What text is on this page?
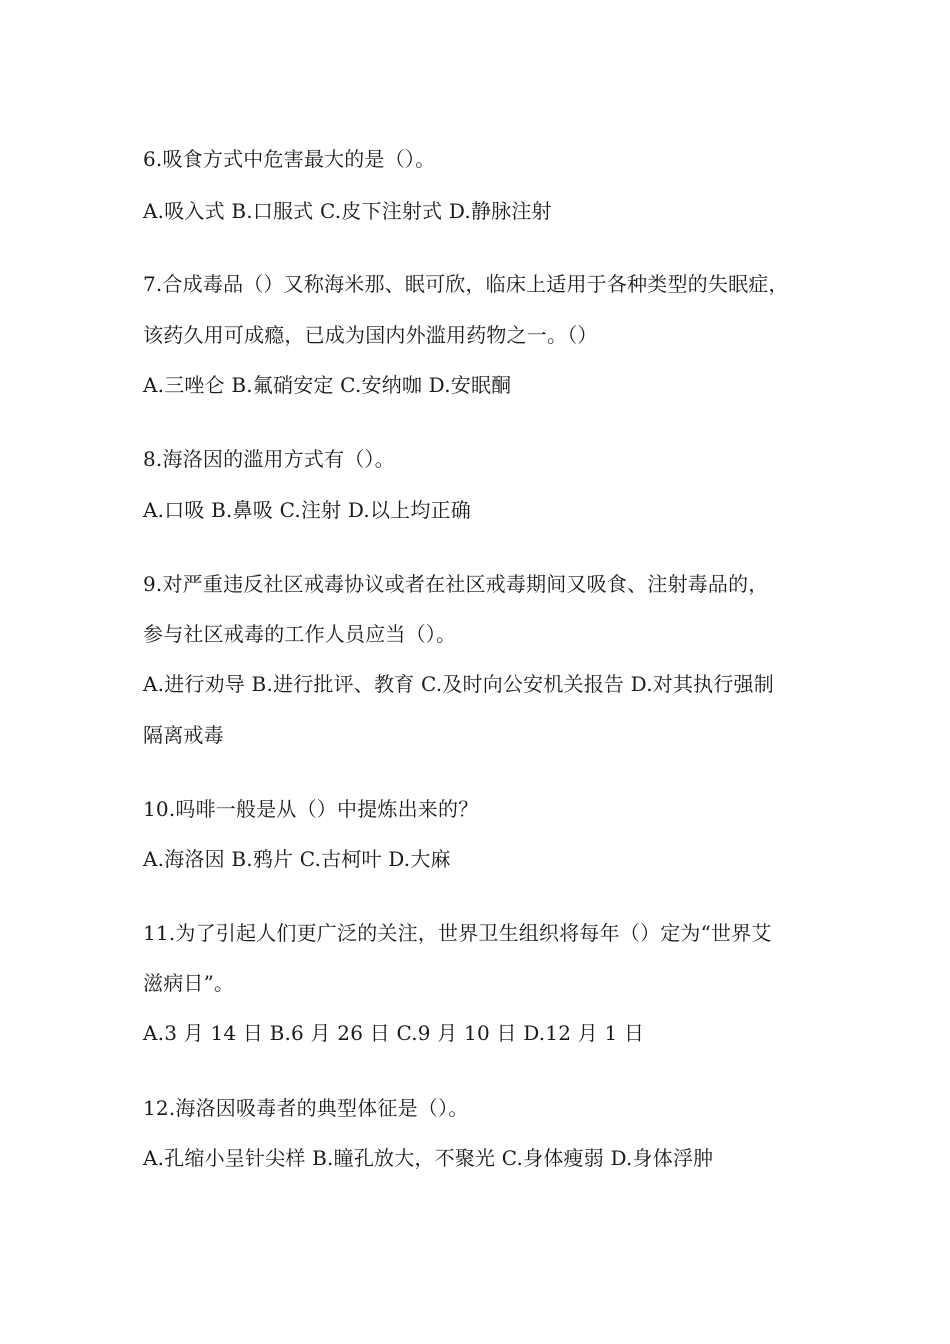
6.吸食方式中危害最大的是（）。
A.吸入式 B.口服式 C.皮下注射式 D.静脉注射
7.合成毒品（）又称海米那、眠可欣，临床上适用于各种类型的失眠症，
该药久用可成瘾，已成为国内外滥用药物之一。（）
A.三唑仑 B.氟硝安定 C.安纳咖 D.安眠酮
8.海洛因的滥用方式有（）。
A.口吸 B.鼻吸 C.注射 D.以上均正确
9.对严重违反社区戒毒协议或者在社区戒毒期间又吸食、注射毒品的，
参与社区戒毒的工作人员应当（）。
A.进行劝导 B.进行批评、教育 C.及时向公安机关报告 D.对其执行强制
隔离戒毒
10.吗啡一般是从（）中提炼出来的？
A.海洛因 B.鸦片 C.古柯叶 D.大麻
11.为了引起人们更广泛的关注，世界卫生组织将每年（）定为“世界艾
滋病日”。
A.3 月 14 日 B.6 月 26 日 C.9 月 10 日 D.12 月 1 日
12.海洛因吸毒者的典型体征是（）。
A.孔缩小呈针尖样 B.瞳孔放大，不聚光 C.身体瘦弱 D.身体浮肿
